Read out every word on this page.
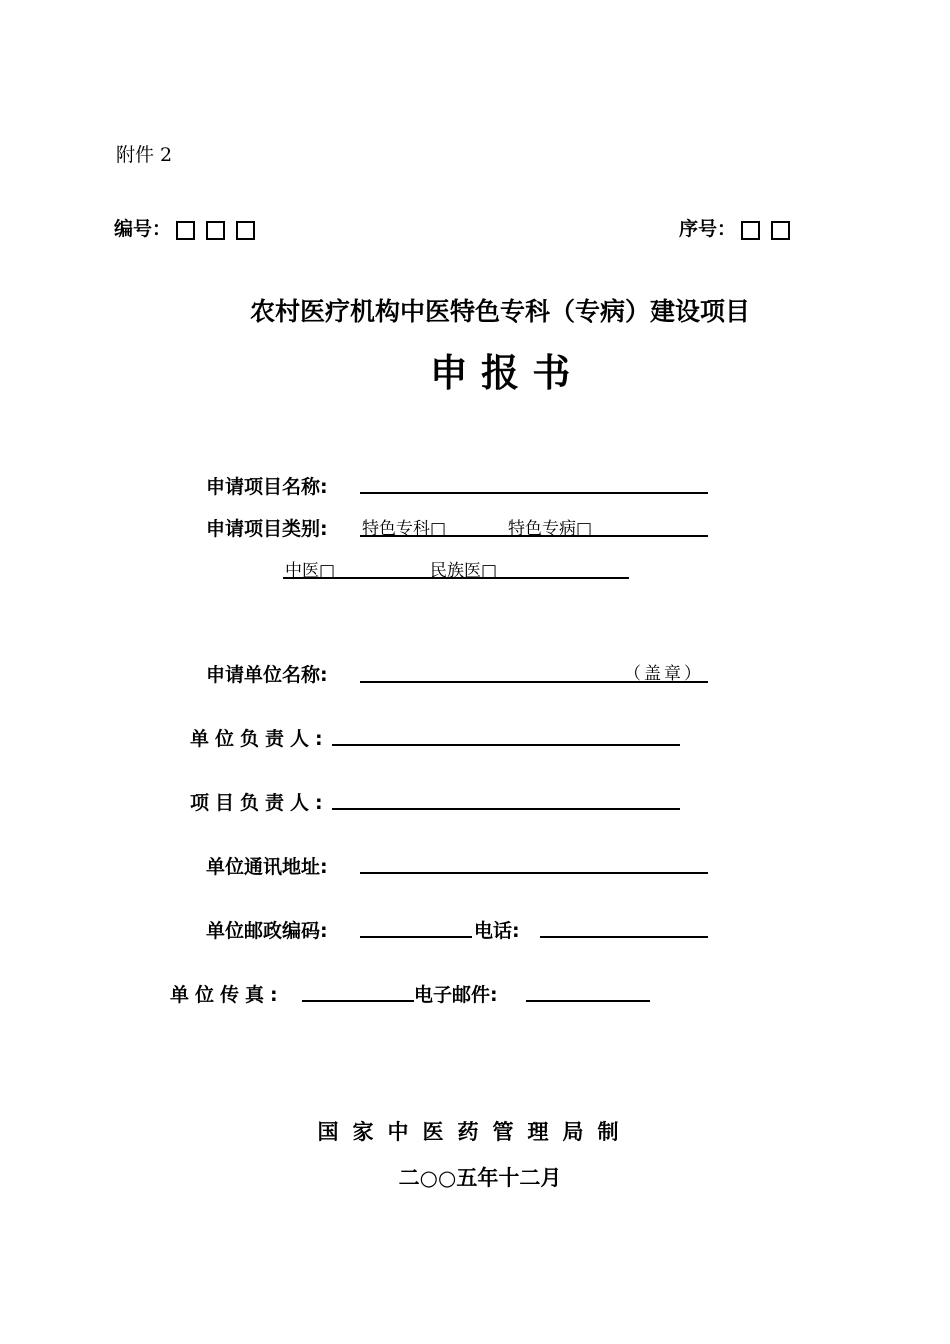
附件 2
编号：	序号：
农村医疗机构中医特色专科（专病）建设项目
申 报 书
申请项目名称:
申请项目类别: 特色专科□	特色专病□
中医□	民族医□
申请单位名称:	（盖章）
单位负责人:
项目负责人:
单位通讯地址:
单位邮政编码:	电话:
单位传真:	电子邮件:
国家中医药管理局制
二○○五年十二月
